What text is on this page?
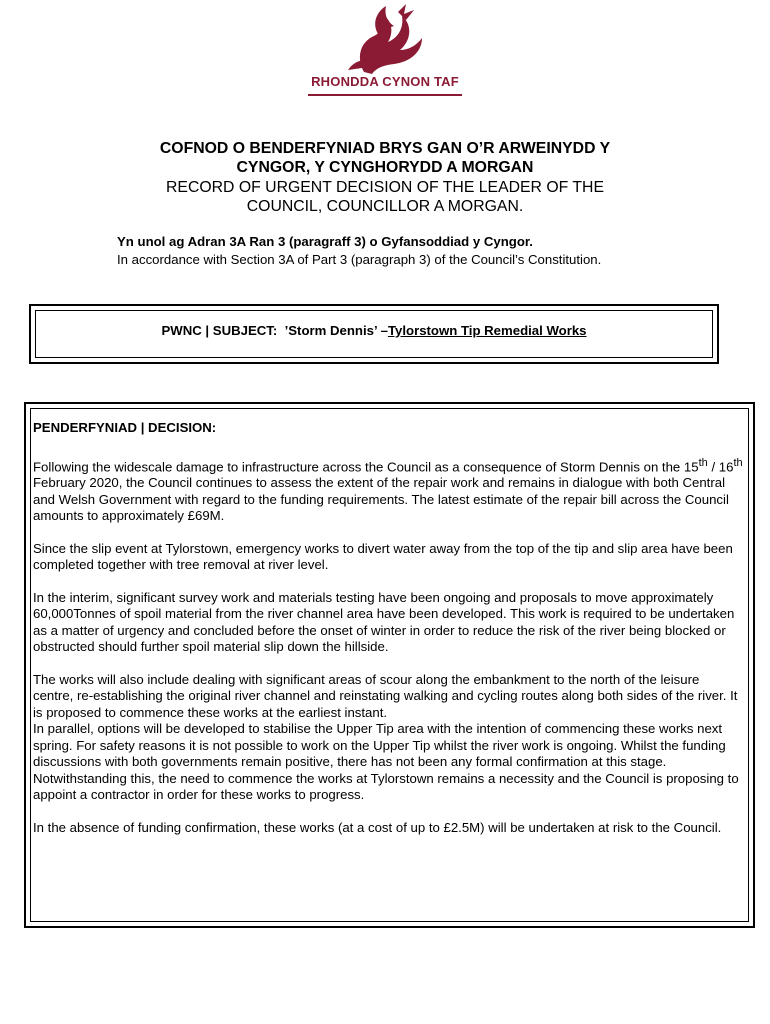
RHONDDA CYNON TAF
COFNOD O BENDERFYNIAD BRYS GAN O’R ARWEINYDD Y
CYNGOR, Y CYNGHORYDD A MORGAN
RECORD OF URGENT DECISION OF THE LEADER OF THE
COUNCIL, COUNCILLOR A MORGAN.
Yn unol ag Adran 3A Ran 3 (paragraff 3) o Gyfansoddiad y Cyngor.
In accordance with Section 3A of Part 3 (paragraph 3) of the Council’s Constitution.
PWNC | SUBJECT: ’Storm Dennis’ –Tylorstown Tip Remedial Works
PENDERFYNIAD | DECISION:

Following the widescale damage to infrastructure across the Council as a consequence of Storm Dennis on the 15th / 16th February 2020, the Council continues to assess the extent of the repair work and remains in dialogue with both Central and Welsh Government with regard to the funding requirements. The latest estimate of the repair bill across the Council amounts to approximately £69M.

Since the slip event at Tylorstown, emergency works to divert water away from the top of the tip and slip area have been completed together with tree removal at river level.

In the interim, significant survey work and materials testing have been ongoing and proposals to move approximately 60,000Tonnes of spoil material from the river channel area have been developed. This work is required to be undertaken as a matter of urgency and concluded before the onset of winter in order to reduce the risk of the river being blocked or obstructed should further spoil material slip down the hillside.

The works will also include dealing with significant areas of scour along the embankment to the north of the leisure centre, re-establishing the original river channel and reinstating walking and cycling routes along both sides of the river. It is proposed to commence these works at the earliest instant.

In parallel, options will be developed to stabilise the Upper Tip area with the intention of commencing these works next spring. For safety reasons it is not possible to work on the Upper Tip whilst the river work is ongoing. Whilst the funding discussions with both governments remain positive, there has not been any formal confirmation at this stage. Notwithstanding this, the need to commence the works at Tylorstown remains a necessity and the Council is proposing to appoint a contractor in order for these works to progress.

In the absence of funding confirmation, these works (at a cost of up to £2.5M) will be undertaken at risk to the Council.
